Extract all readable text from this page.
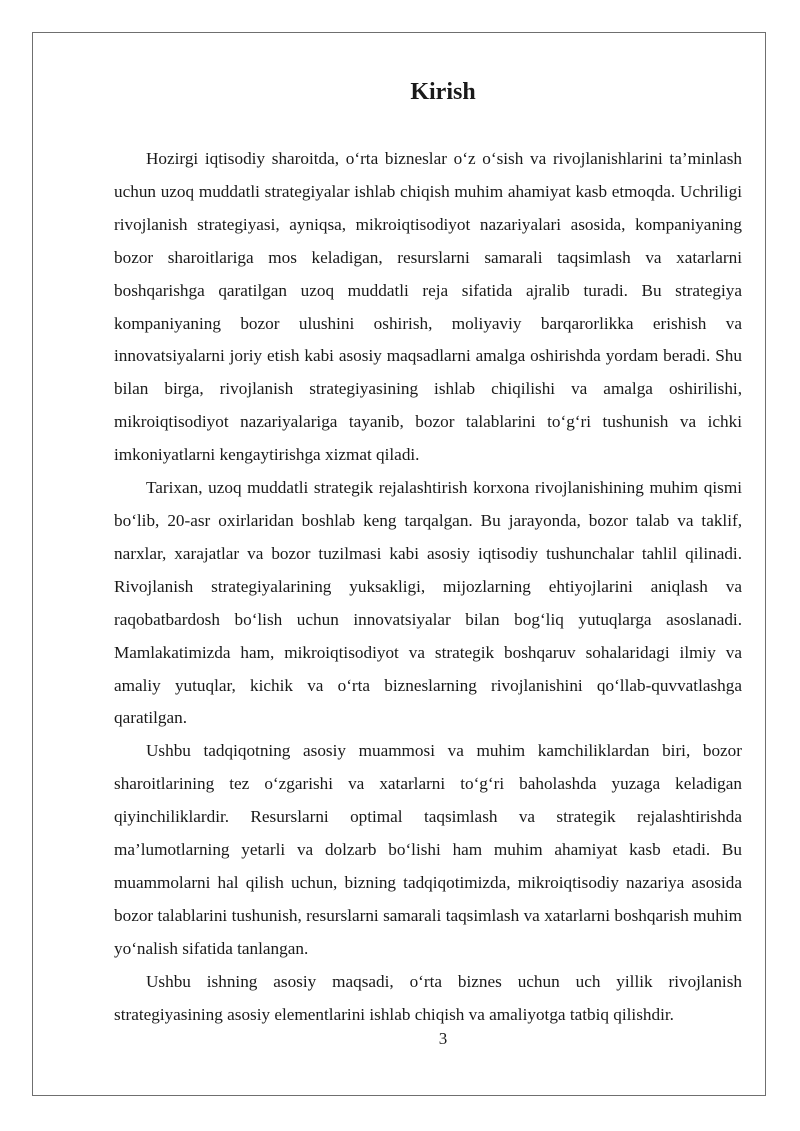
Kirish

Hozirgi iqtisodiy sharoitda, o‘rta bizneslar o‘z o‘sish va rivojlanishlarini ta’minlash uchun uzoq muddatli strategiyalar ishlab chiqish muhim ahamiyat kasb etmoqda. Uchriligi rivojlanish strategiyasi, ayniqsa, mikroiqtisodiyot nazariyalari asosida, kompaniyaning bozor sharoitlariga mos keladigan, resurslarni samarali taqsimlash va xatarlarni boshqarishga qaratilgan uzoq muddatli reja sifatida ajralib turadi. Bu strategiya kompaniyaning bozor ulushini oshirish, moliyaviy barqarorlikka erishish va innovatsiyalarni joriy etish kabi asosiy maqsadlarni amalga oshirishda yordam beradi. Shu bilan birga, rivojlanish strategiyasining ishlab chiqilishi va amalga oshirilishi, mikroiqtisodiyot nazariyalariga tayanib, bozor talablarini to‘g‘ri tushunish va ichki imkoniyatlarni kengaytirishga xizmat qiladi.

Tarixan, uzoq muddatli strategik rejalashtirish korxona rivojlanishining muhim qismi bo‘lib, 20-asr oxirlaridan boshlab keng tarqalgan. Bu jarayonda, bozor talab va taklif, narxlar, xarajatlar va bozor tuzilmasi kabi asosiy iqtisodiy tushunchalar tahlil qilinadi. Rivojlanish strategiyalarining yuksakligi, mijozlarning ehtiyojlarini aniqlash va raqobatbardosh bo‘lish uchun innovatsiyalar bilan bog‘liq yutuqlarga asoslanadi. Mamlakatimizda ham, mikroiqtisodiyot va strategik boshqaruv sohalaridagi ilmiy va amaliy yutuqlar, kichik va o‘rta bizneslarning rivojlanishini qo‘llab-quvvatlashga qaratilgan.

Ushbu tadqiqotning asosiy muammosi va muhim kamchiliklardan biri, bozor sharoitlarining tez o‘zgarishi va xatarlarni to‘g‘ri baholashda yuzaga keladigan qiyinchiliklardir. Resurslarni optimal taqsimlash va strategik rejalashtirishda ma’lumotlarning yetarli va dolzarb bo‘lishi ham muhim ahamiyat kasb etadi. Bu muammolarni hal qilish uchun, bizning tadqiqotimizda, mikroiqtisodiy nazariya asosida bozor talablarini tushunish, resurslarni samarali taqsimlash va xatarlarni boshqarish muhim yo‘nalish sifatida tanlangan.

Ushbu ishning asosiy maqsadi, o‘rta biznes uchun uch yillik rivojlanish strategiyasining asosiy elementlarini ishlab chiqish va amaliyotga tatbiq qilishdir.

3
